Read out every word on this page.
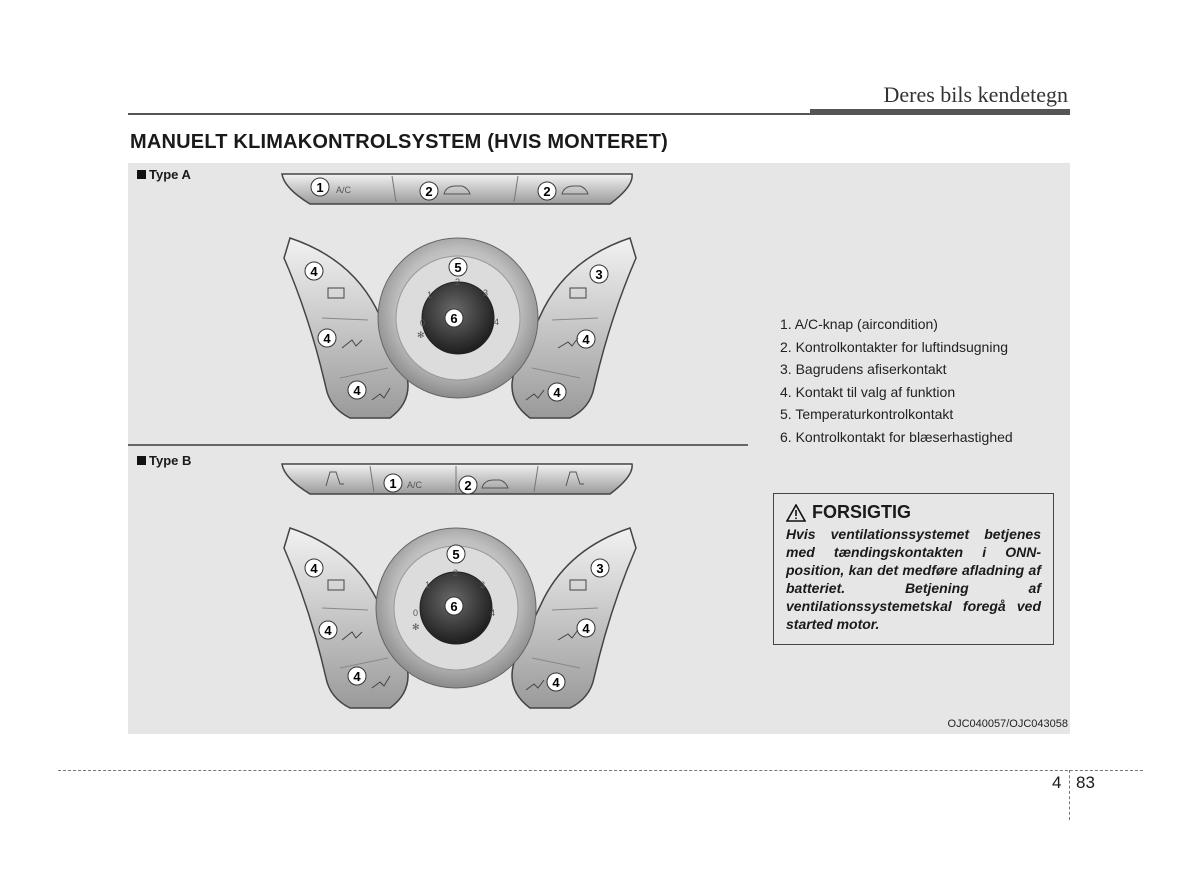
Deres bils kendetegn
MANUELT KLIMAKONTROLSYSTEM (HVIS MONTERET)
Type A
Type B
1 A/C	2	2
4
4
4
3
4
4
5
6
0
1
2
3
4
✻
1 A/C	2
4
4
4
3
4
4
5
6
0
1
2
3
4
✻
1. A/C-knap (aircondition)
2. Kontrolkontakter for luftindsugning
3. Bagrudens afiserkontakt
4. Kontakt til valg af funktion
5. Temperaturkontrolkontakt
6. Kontrolkontakt for blæserhastighed
FORSIGTIG
Hvis ventilationssystemet betjenes med tændingskontakten i ONN-position, kan det medføre afladning af batteriet. Betjening af ventilationssystemetskal foregå ved started motor.
OJC040057/OJC043058
4 83
